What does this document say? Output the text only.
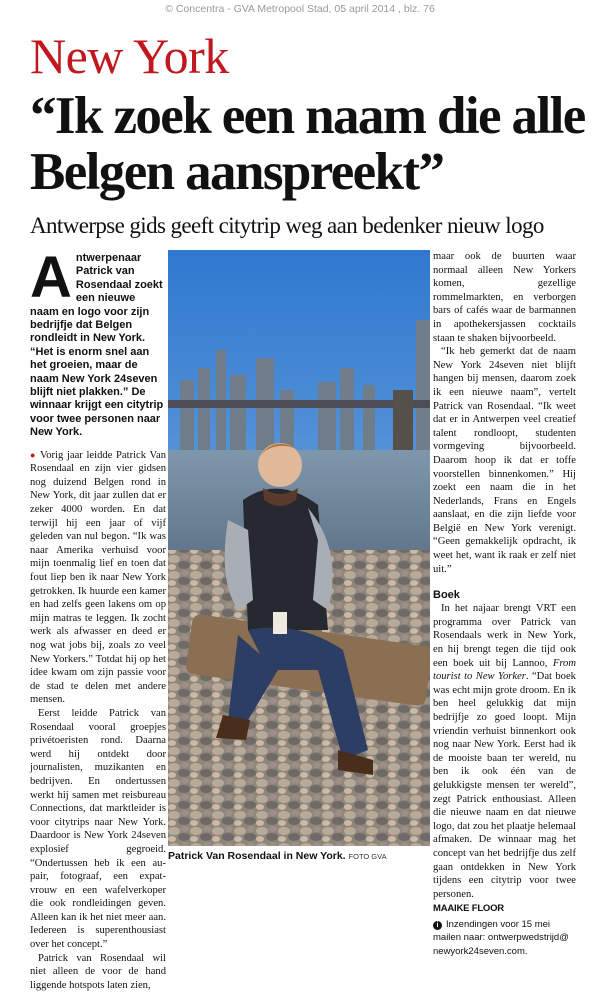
© Concentra - GVA Metropool Stad, 05 april 2014 , blz. 76
New York
“Ik zoek een naam die alle Belgen aanspreekt”
Antwerpse gids geeft citytrip weg aan bedenker nieuw logo
Antwerpenaar Patrick van Rosendaal zoekt een nieuwe naam en logo voor zijn bedrijfje dat Belgen rondleidt in New York. “Het is enorm snel aan het groeien, maar de naam New York 24seven blijft niet plakken.” De winnaar krijgt een citytrip voor twee personen naar New York.

● Vorig jaar leidde Patrick Van Rosendaal en zijn vier gidsen nog duizend Belgen rond in New York, dit jaar zullen dat er zeker 4000 worden. En dat terwijl hij een jaar of vijf geleden van nul begon. “Ik was naar Amerika verhuisd voor mijn toenmalig lief en toen dat fout liep ben ik naar New York getrokken. Ik huurde een kamer en had zelfs geen lakens om op mijn matras te leggen. Ik zocht werk als afwasser en deed er nog wat jobs bij, zoals zo veel New Yorkers.” Totdat hij op het idee kwam om zijn passie voor de stad te delen met andere mensen.

Eerst leidde Patrick van Rosendaal vooral groepjes privétoeristen rond. Daarna werd hij ontdekt door journalisten, muzikanten en bedrijven. En ondertussen werkt hij samen met reisbureau Connections, dat marktleider is voor citytrips naar New York. Daardoor is New York 24seven explosief gegroeid. “Ondertussen heb ik een au-pair, fotograaf, een expat-vrouw en een wafelverkoper die ook rondleidingen geven. Alleen kan ik het niet meer aan. Iedereen is superenthousiast over het concept.”

Patrick van Rosendaal wil niet alleen de voor de hand liggende hotspots laten zien,

Patrick Van Rosendaal in New York. FOTO GVA

maar ook de buurten waar normaal alleen New Yorkers komen, gezellige rommelmarkten, en verborgen bars of cafés waar de barmannen in apothekersjassen cocktails staan te shaken bijvoorbeeld.

“Ik heb gemerkt dat de naam New York 24seven niet blijft hangen bij mensen, daarom zoek ik een nieuwe naam”, vertelt Patrick van Rosendaal. “Ik weet dat er in Antwerpen veel creatief talent rondloopt, studenten vormgeving bijvoorbeeld. Daarom hoop ik dat er toffe voorstellen binnenkomen.” Hij zoekt een naam die in het Nederlands, Frans en Engels aanslaat, en die zijn liefde voor België en New York verenigt. “Geen gemakkelijk opdracht, ik weet het, want ik raak er zelf niet uit.”

Boek

In het najaar brengt VRT een programma over Patrick van Rosendaals werk in New York, en hij brengt tegen die tijd ook een boek uit bij Lannoo, From tourist to New Yorker. “Dat boek was echt mijn grote droom. En ik ben heel gelukkig dat mijn bedrijfje zo goed loopt. Mijn vriendin verhuist binnenkort ook nog naar New York. Eerst had ik de mooiste baan ter wereld, nu ben ik ook één van de gelukkigste mensen ter wereld”, zegt Patrick enthousiast. Alleen die nieuwe naam en dat nieuwe logo, dat zou het plaatje helemaal afmaken. De winnaar mag het concept van het bedrijfje dus zelf gaan ontdekken in New York tijdens een citytrip voor twee personen.

MAAIKE FLOOR
i Inzendingen voor 15 mei mailen naar: ontwerpwedstrijd@ newyork24seven.com.
